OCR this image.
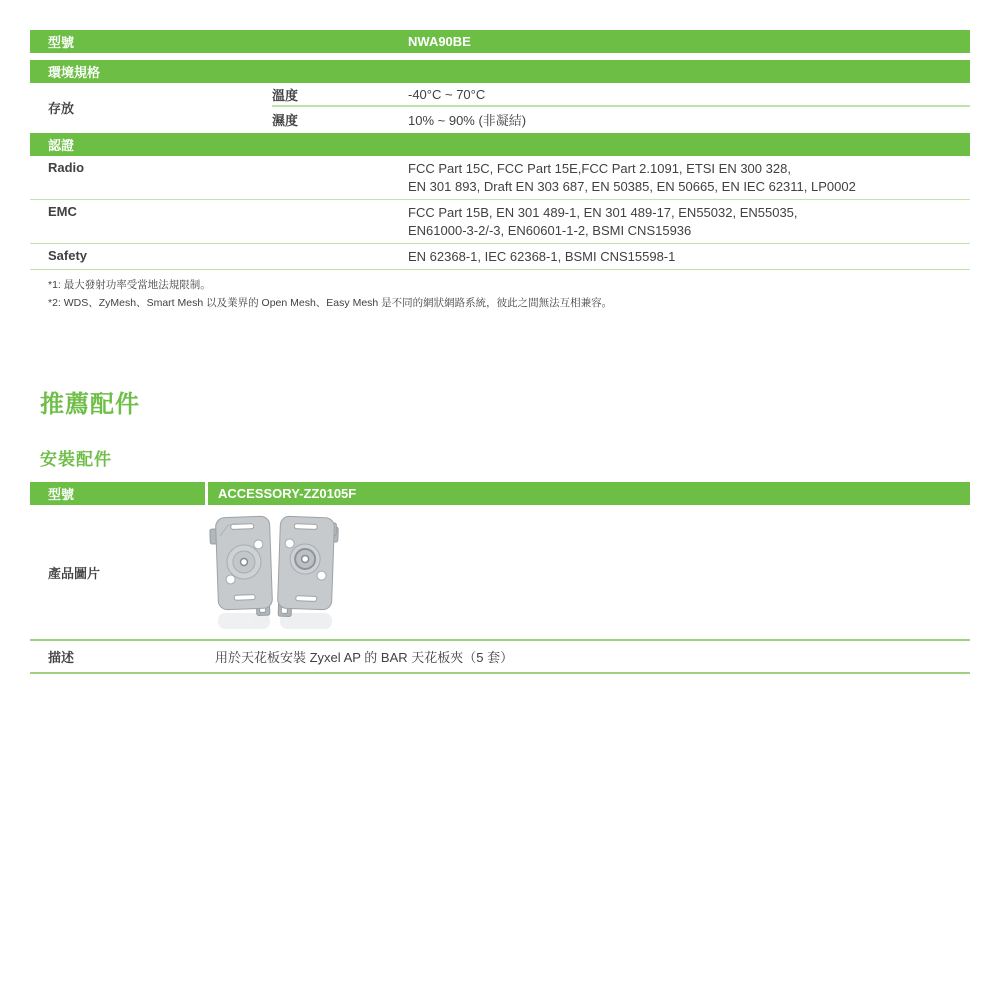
型號	NWA90BE
環境規格
存放
溫度	-40°C ~ 70°C
濕度	10% ~ 90% (非凝結)
認證
Radio	FCC Part 15C, FCC Part 15E,FCC Part 2.1091, ETSI EN 300 328,
EN 301 893, Draft EN 303 687, EN 50385, EN 50665, EN IEC 62311, LP0002
EMC	FCC Part 15B, EN 301 489-1, EN 301 489-17, EN55032, EN55035,
EN61000-3-2/-3, EN60601-1-2, BSMI CNS15936
Safety	EN 62368-1, IEC 62368-1, BSMI CNS15598-1
*1: 最大發射功率受當地法規限制。
*2: WDS、ZyMesh、Smart Mesh 以及業界的 Open Mesh、Easy Mesh 是不同的網狀網路系統，彼此之間無法互相兼容。
推薦配件
安裝配件
型號	ACCESSORY-ZZ0105F
產品圖片
描述	用於天花板安裝 Zyxel AP 的 BAR 天花板夾（5 套）
